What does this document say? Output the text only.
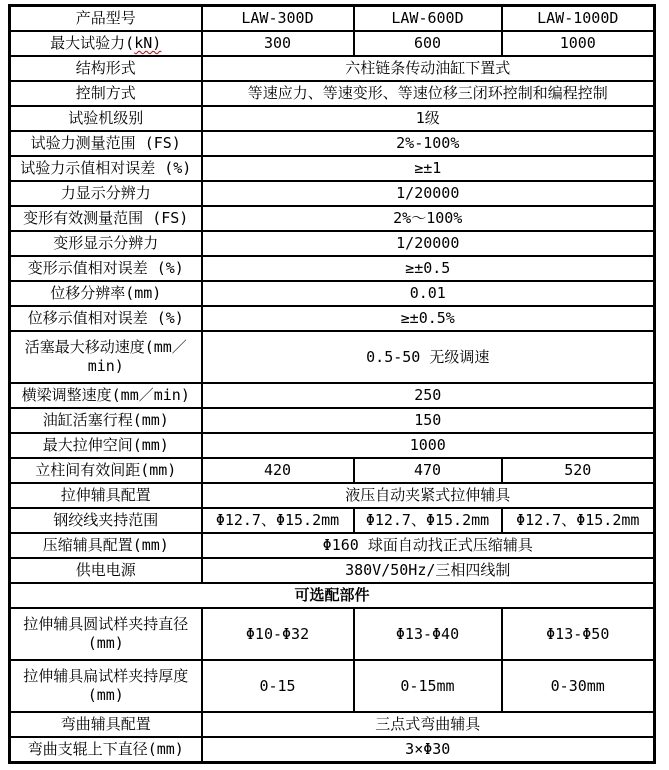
产品型号	LAW-300D	LAW-600D	LAW-1000D
最大试验力(kN)	300	600	1000
结构形式	六柱链条传动油缸下置式		
控制方式	等速应力、等速变形、等速位移三闭环控制和编程控制		
试验机级别	1级		
试验力测量范围 (FS)	2%-100%		
试验力示值相对误差 (%)	≥±1		
力显示分辨力	1/20000		
变形有效测量范围 (FS)	2%～100%		
变形显示分辨力	1/20000		
变形示值相对误差 (%)	≥±0.5		
位移分辨率(mm)	0.01		
位移示值相对误差 (%)	≥±0.5%		
活塞最大移动速度(mm／min)	0.5-50 无级调速		
横梁调整速度(mm／min)	250		
油缸活塞行程(mm)	150		
最大拉伸空间(mm)	1000		
立柱间有效间距(mm)	420	470	520
拉伸辅具配置	液压自动夹紧式拉伸辅具		
钢绞线夹持范围	Φ12.7、Φ15.2mm	Φ12.7、Φ15.2mm	Φ12.7、Φ15.2mm
压缩辅具配置(mm)	Φ160 球面自动找正式压缩辅具		
供电电源	380V/50Hz/三相四线制		
可选配部件			
拉伸辅具圆试样夹持直径(mm)	Φ10-Φ32	Φ13-Φ40	Φ13-Φ50
拉伸辅具扁试样夹持厚度(mm)	0-15	0-15mm	0-30mm
弯曲辅具配置	三点式弯曲辅具		
弯曲支辊上下直径(mm)	3×Φ30		
